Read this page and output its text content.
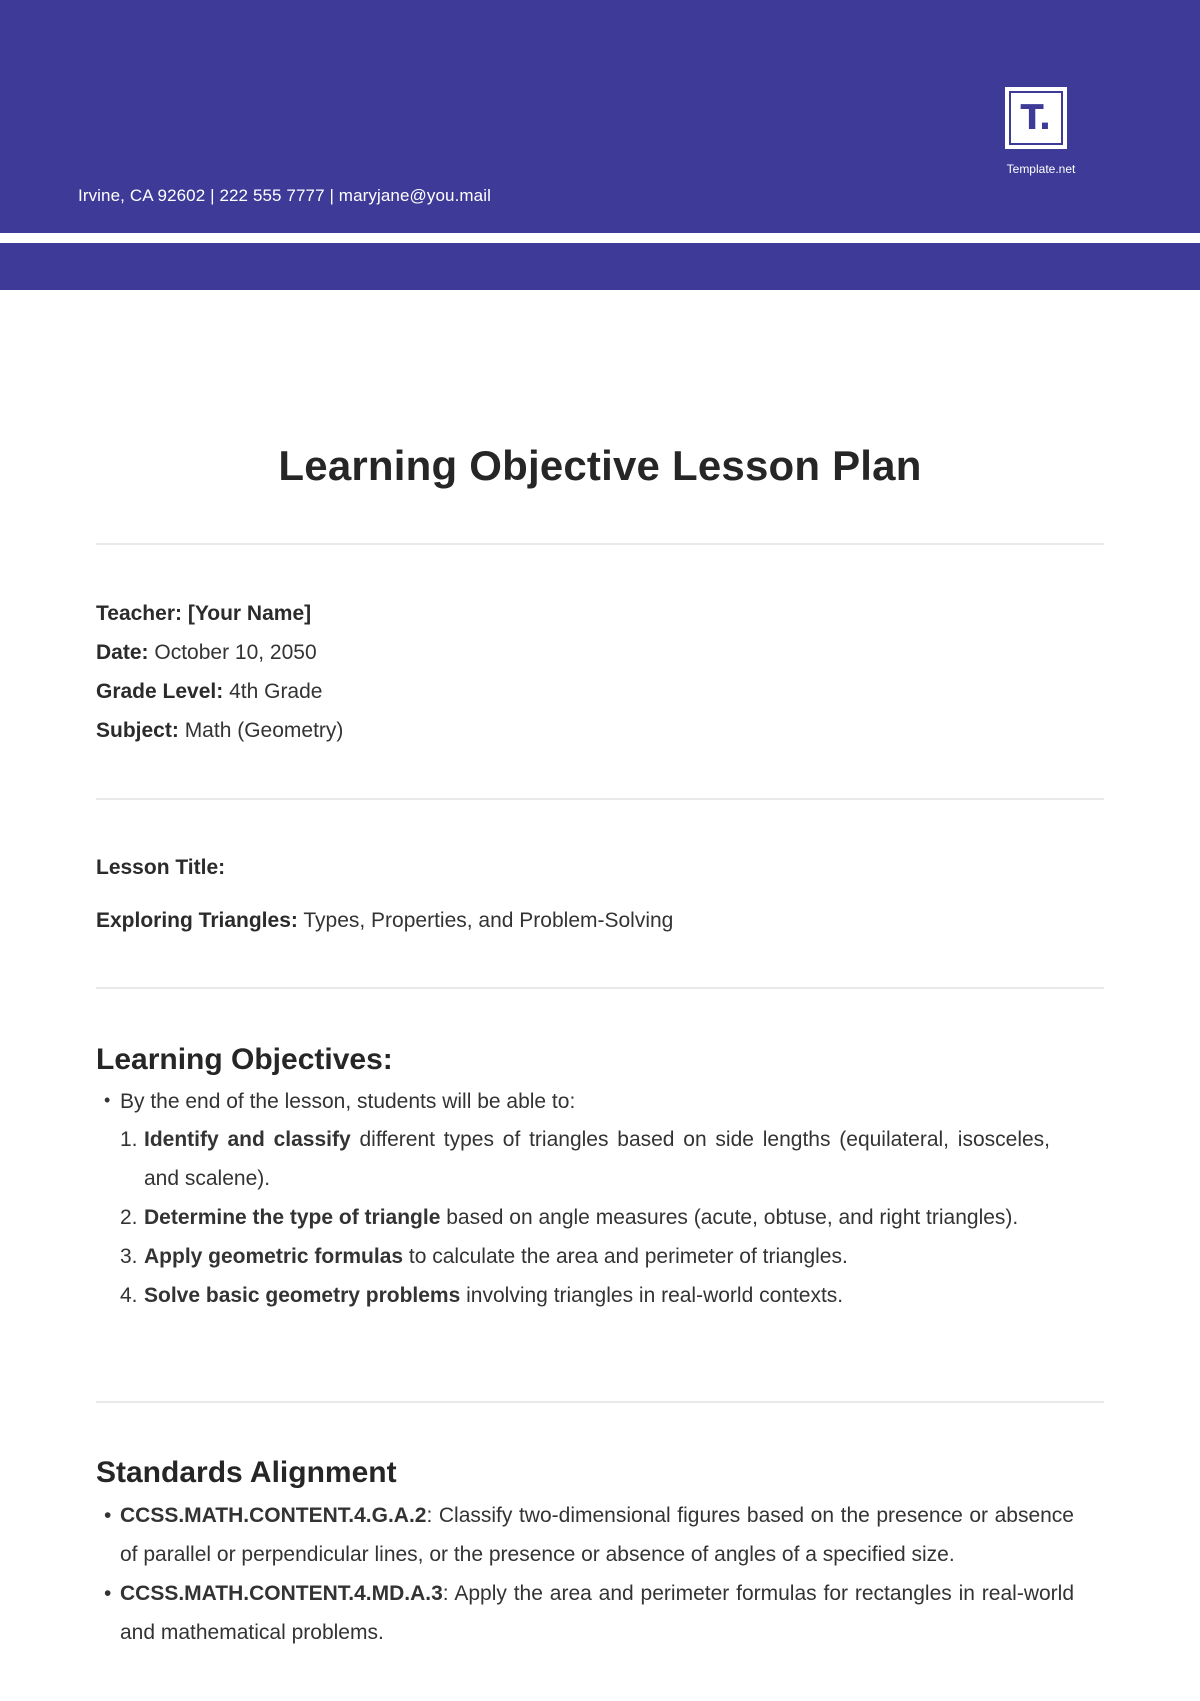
Irvine, CA 92602 | 222 555 7777 | maryjane@you.mail
T.
Template.net
Learning Objective Lesson Plan
Teacher: [Your Name]
Date: October 10, 2050
Grade Level: 4th Grade
Subject: Math (Geometry)
Lesson Title:
Exploring Triangles: Types, Properties, and Problem-Solving
Learning Objectives:
• By the end of the lesson, students will be able to:
1. Identify and classify different types of triangles based on side lengths (equilateral, isosceles, and scalene).
2. Determine the type of triangle based on angle measures (acute, obtuse, and right triangles).
3. Apply geometric formulas to calculate the area and perimeter of triangles.
4. Solve basic geometry problems involving triangles in real-world contexts.
Standards Alignment
• CCSS.MATH.CONTENT.4.G.A.2: Classify two-dimensional figures based on the presence or absence of parallel or perpendicular lines, or the presence or absence of angles of a specified size.
• CCSS.MATH.CONTENT.4.MD.A.3: Apply the area and perimeter formulas for rectangles in real-world and mathematical problems.
